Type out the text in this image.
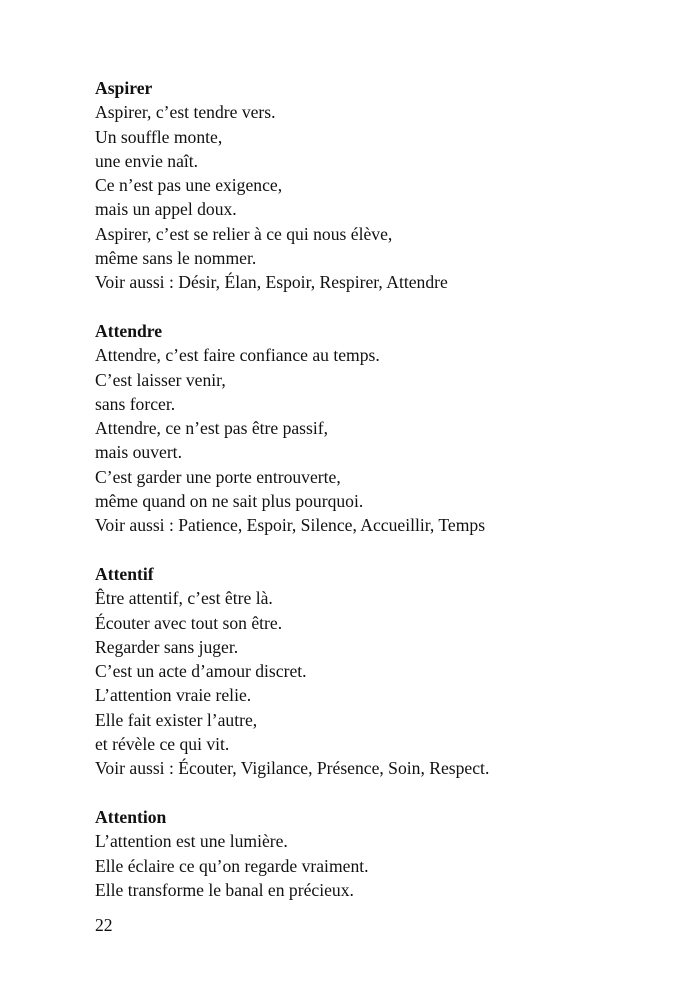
Aspirer
Aspirer, c’est tendre vers.
Un souffle monte,
une envie naît.
Ce n’est pas une exigence,
mais un appel doux.
Aspirer, c’est se relier à ce qui nous élève,
même sans le nommer.
Voir aussi : Désir, Élan, Espoir, Respirer, Attendre
Attendre
Attendre, c’est faire confiance au temps.
C’est laisser venir,
sans forcer.
Attendre, ce n’est pas être passif,
mais ouvert.
C’est garder une porte entrouverte,
même quand on ne sait plus pourquoi.
Voir aussi : Patience, Espoir, Silence, Accueillir, Temps
Attentif
Être attentif, c’est être là.
Écouter avec tout son être.
Regarder sans juger.
C’est un acte d’amour discret.
L’attention vraie relie.
Elle fait exister l’autre,
et révèle ce qui vit.
Voir aussi : Écouter, Vigilance, Présence, Soin, Respect.
Attention
L’attention est une lumière.
Elle éclaire ce qu’on regarde vraiment.
Elle transforme le banal en précieux.
22
